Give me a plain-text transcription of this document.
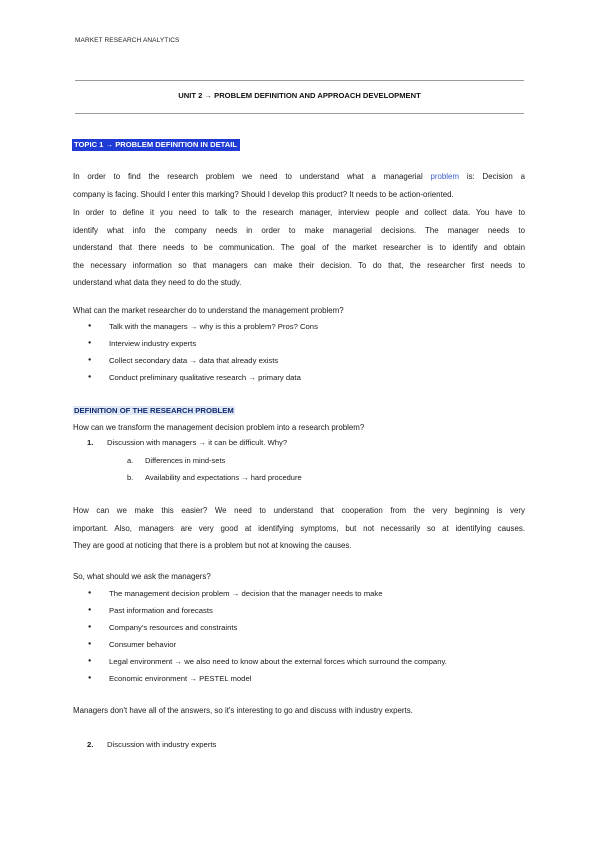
MARKET RESEARCH ANALYTICS
UNIT 2 → PROBLEM DEFINITION AND APPROACH DEVELOPMENT
TOPIC 1 → PROBLEM DEFINITION IN DETAIL
In order to find the research problem we need to understand what a managerial problem is: Decision a
company is facing. Should I enter this marking? Should I develop this product? It needs to be action-oriented.
In order to define it you need to talk to the research manager, interview people and collect data. You have to
identify what info the company needs in order to make managerial decisions. The manager needs to
understand that there needs to be communication. The goal of the market researcher is to identify and obtain
the necessary information so that managers can make their decision. To do that, the researcher first needs to
understand what data they need to do the study.
What can the market researcher do to understand the management problem?
● Talk with the managers → why is this a problem? Pros? Cons
● Interview industry experts
● Collect secondary data → data that already exists
● Conduct preliminary qualitative research → primary data
DEFINITION OF THE RESEARCH PROBLEM
How can we transform the management decision problem into a research problem?
1. Discussion with managers → it can be difficult. Why?
a. Differences in mind-sets
b. Availability and expectations → hard procedure
How can we make this easier? We need to understand that cooperation from the very beginning is very
important. Also, managers are very good at identifying symptoms, but not necessarily so at identifying causes.
They are good at noticing that there is a problem but not at knowing the causes.
So, what should we ask the managers?
● The management decision problem → decision that the manager needs to make
● Past information and forecasts
● Company's resources and constraints
● Consumer behavior
● Legal environment → we also need to know about the external forces which surround the company.
● Economic environment → PESTEL model
Managers don't have all of the answers, so it's interesting to go and discuss with industry experts.
2. Discussion with industry experts
